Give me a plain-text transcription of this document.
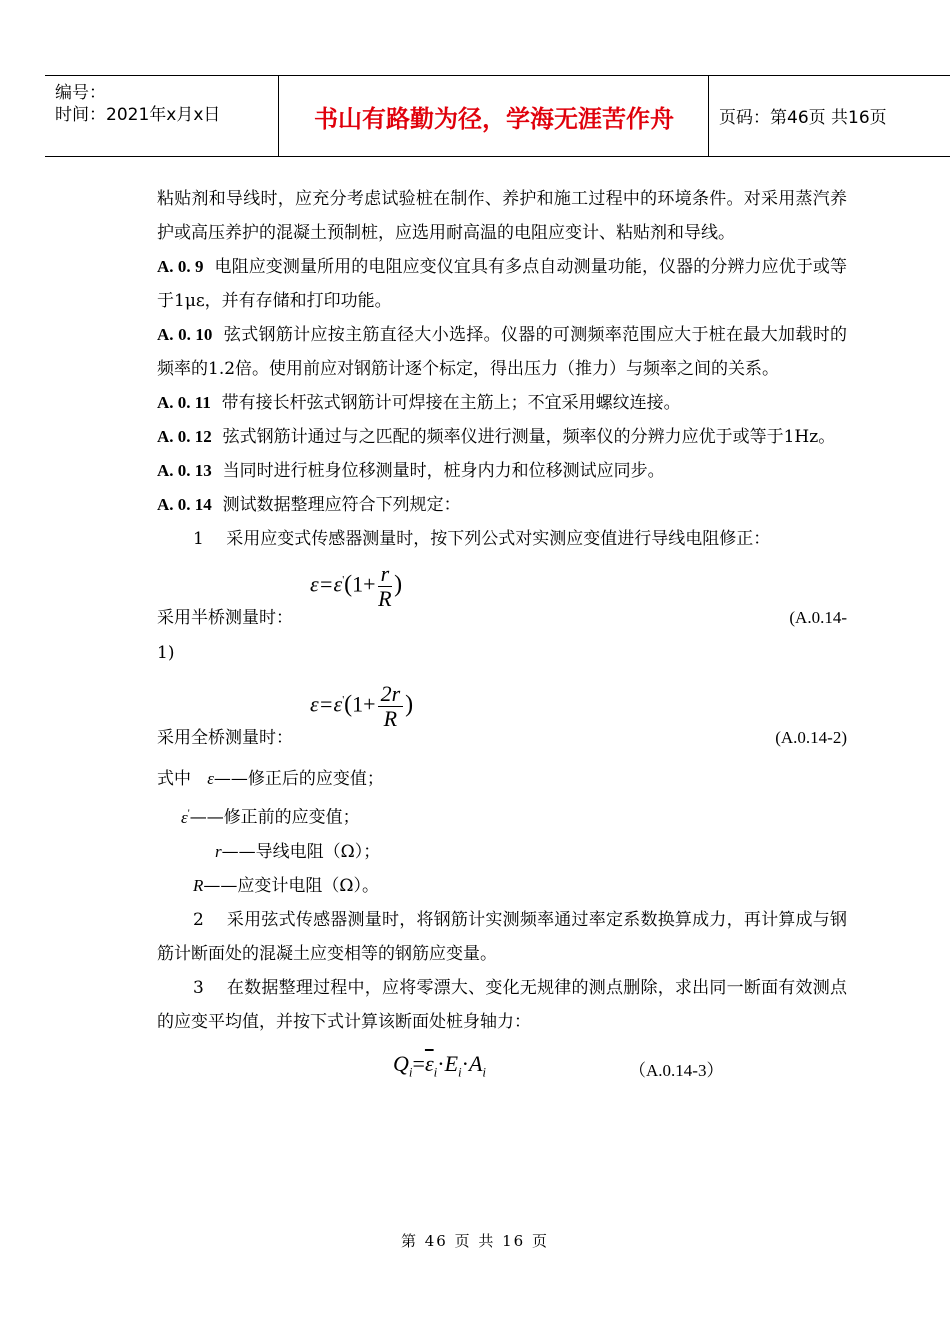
编号：
时间：2021年x月x日	书山有路勤为径，学海无涯苦作舟	页码：第46页 共16页

粘贴剂和导线时，应充分考虑试验桩在制作、养护和施工过程中的环境条件。对采用蒸汽养护或高压养护的混凝土预制桩，应选用耐高温的电阻应变计、粘贴剂和导线。

A. 0. 9 电阻应变测量所用的电阻应变仪宜具有多点自动测量功能，仪器的分辨力应优于或等于1με，并有存储和打印功能。

A. 0. 10 弦式钢筋计应按主筋直径大小选择。仪器的可测频率范围应大于桩在最大加载时的频率的1.2倍。使用前应对钢筋计逐个标定，得出压力（推力）与频率之间的关系。

A. 0. 11 带有接长杆弦式钢筋计可焊接在主筋上；不宜采用螺纹连接。

A. 0. 12 弦式钢筋计通过与之匹配的频率仪进行测量，频率仪的分辨力应优于或等于1Hz。

A. 0. 13 当同时进行桩身位移测量时，桩身内力和位移测试应同步。

A. 0. 14 测试数据整理应符合下列规定：

1　 采用应变式传感器测量时，按下列公式对实测应变值进行导线电阻修正：

采用半桥测量时：
$\varepsilon=\varepsilon'(1+ \frac{r}{R}$ )
(A.0.14-

1)

采用全桥测量时：
$\varepsilon=\varepsilon'(1+ \frac{2r}{R}$ )
(A.0.14-2)

式中 ε——修正后的应变值；

ε'——修正前的应变值；

r——导线电阻（Ω）；

R——应变计电阻（Ω）。

2　 采用弦式传感器测量时，将钢筋计实测频率通过率定系数换算成力，再计算成与钢筋计断面处的混凝土应变相等的钢筋应变量。

3　 在数据整理过程中，应将零漂大、变化无规律的测点删除，求出同一断面有效测点的应变平均值，并按下式计算该断面处桩身轴力：

$Q_i=\overline{\varepsilon}_i\cdot E_i\cdot A_i$	（A.0.14-3）
第 46 页 共 16 页
